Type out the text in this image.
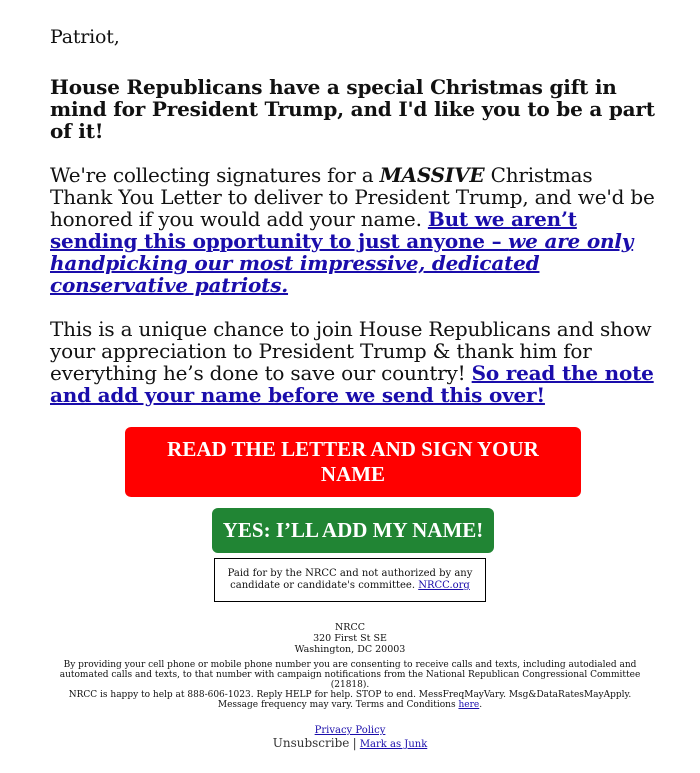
Patriot,

House Republicans have a special Christmas gift in mind for President Trump, and I'd like you to be a part of it!

We're collecting signatures for a MASSIVE Christmas Thank You Letter to deliver to President Trump, and we'd be honored if you would add your name. But we aren’t sending this opportunity to just anyone – we are only handpicking our most impressive, dedicated conservative patriots.

This is a unique chance to join House Republicans and show your appreciation to President Trump & thank him for everything he’s done to save our country! So read the note and add your name before we send this over!

READ THE LETTER AND SIGN YOUR NAME
YES: I’LL ADD MY NAME!
Paid for by the NRCC and not authorized by any candidate or candidate's committee. NRCC.org
NRCC
320 First St SE
Washington, DC 20003
By providing your cell phone or mobile phone number you are consenting to receive calls and texts, including autodialed and automated calls and texts, to that number with campaign notifications from the National Republican Congressional Committee (21818).
NRCC is happy to help at 888-606-1023. Reply HELP for help. STOP to end. MessFreqMayVary. Msg&DataRatesMayApply. Message frequency may vary. Terms and Conditions here.
Privacy Policy
Unsubscribe | Mark as Junk
